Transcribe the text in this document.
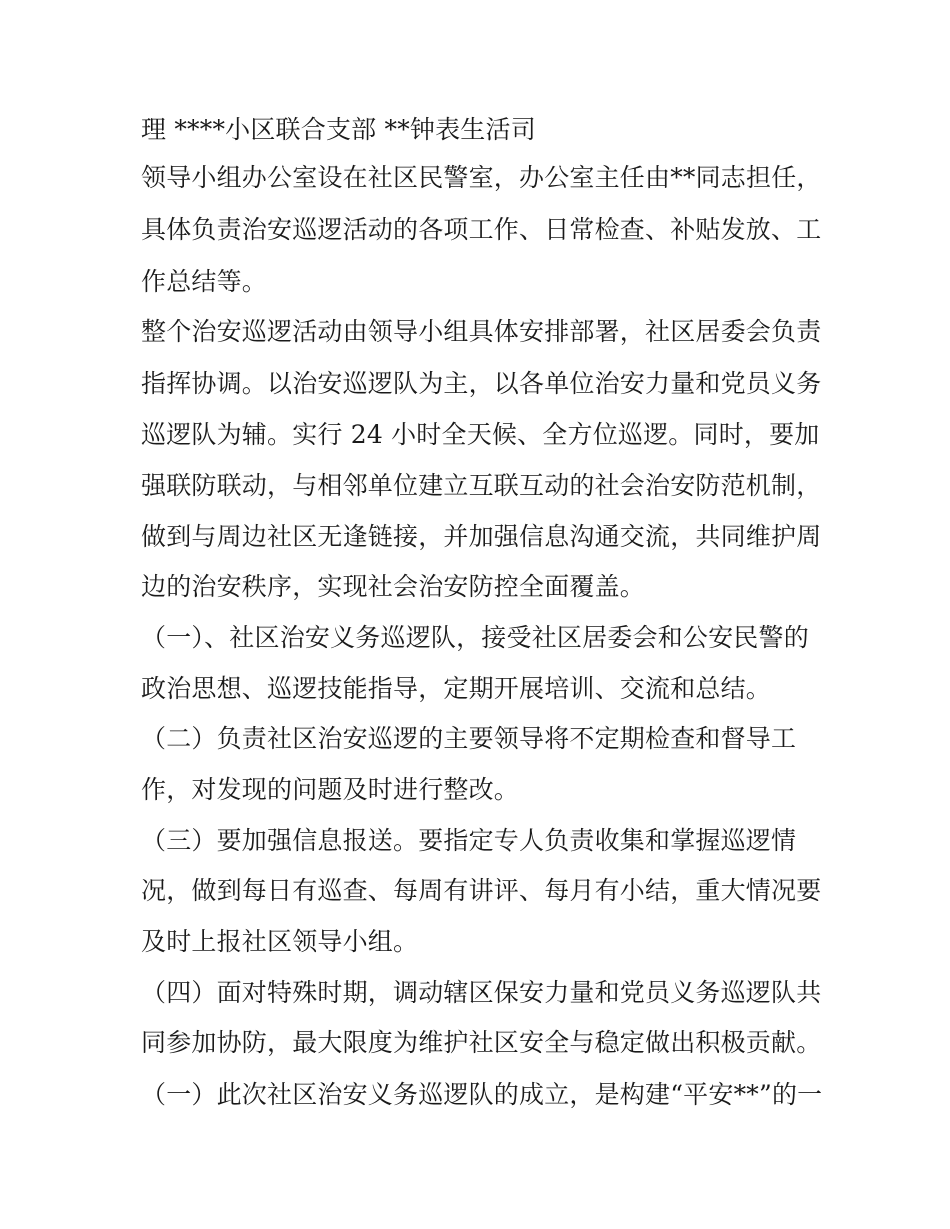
理 ****小区联合支部 **钟表生活司
领导小组办公室设在社区民警室，办公室主任由**同志担任，
具体负责治安巡逻活动的各项工作、日常检查、补贴发放、工
作总结等。
整个治安巡逻活动由领导小组具体安排部署，社区居委会负责
指挥协调。以治安巡逻队为主，以各单位治安力量和党员义务
巡逻队为辅。实行 24 小时全天候、全方位巡逻。同时，要加
强联防联动，与相邻单位建立互联互动的社会治安防范机制，
做到与周边社区无逢链接，并加强信息沟通交流，共同维护周
边的治安秩序，实现社会治安防控全面覆盖。
（一）、社区治安义务巡逻队，接受社区居委会和公安民警的
政治思想、巡逻技能指导，定期开展培训、交流和总结。
（二）负责社区治安巡逻的主要领导将不定期检查和督导工
作，对发现的问题及时进行整改。
（三）要加强信息报送。要指定专人负责收集和掌握巡逻情
况，做到每日有巡查、每周有讲评、每月有小结，重大情况要
及时上报社区领导小组。
（四）面对特殊时期，调动辖区保安力量和党员义务巡逻队共
同参加协防，最大限度为维护社区安全与稳定做出积极贡献。
（一）此次社区治安义务巡逻队的成立，是构建“平安**”的一
